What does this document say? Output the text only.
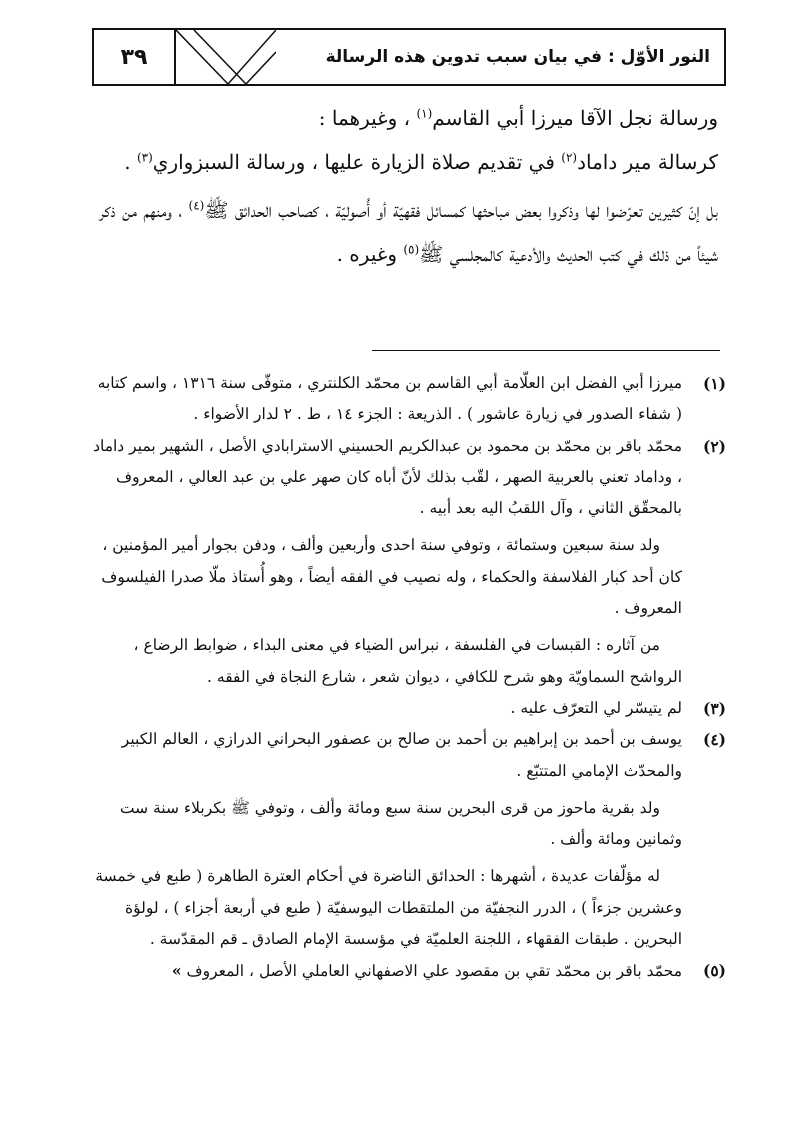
٣٩	النور الأوّل : في بيان سبب تدوين هذه الرسالة

ورسالة نجل الآقا ميرزا أبي القاسم$^{(١)}$ ، وغيرهما :

كرسالة مير داماد$^{(٢)}$ في تقديم صلاة الزيارة عليها ، ورسالة السبزواري$^{(٣)}$ .

بل إنّ كثيرين تعرّضوا لها وذكروا بعض مباحثها كمسائل فقهيّة أو أُصوليّة ، كصاحب الحدائق ﷺ$^{(٤)}$ ، ومنهم من ذكر شيئاً من ذلك في كتب الحديث والأدعية كالمجلسي ﷺ$^{(٥)}$ وغيره .

(١)

ميرزا أبي الفضل ابن العلّامة أبي القاسم بن محمّد الكلنتري ، متوفّى سنة ١٣١٦ ، واسم كتابه ( شفاء الصدور في زيارة عاشور ) . الذريعة : الجزء ١٤ ، ط . ٢ لدار الأضواء .

(٢)

محمّد باقر بن محمّد بن محمود بن عبدالكريم الحسيني الاسترابادي الأصل ، الشهير بمير داماد ، وداماد تعني بالعربية الصهر ، لقّب بذلك لأنّ أباه كان صهر علي بن عبد العالي ، المعروف بالمحقّق الثاني ، وآل اللقبُ اليه بعد أبيه .

ولد سنة سبعين وستمائة ، وتوفي سنة احدى وأربعين وألف ، ودفن بجوار أمير المؤمنين ، كان أحد كبار الفلاسفة والحكماء ، وله نصيب في الفقه أيضاً ، وهو أُستاذ ملّا صدرا الفيلسوف المعروف .

من آثاره : القبسات في الفلسفة ، نبراس الضياء في معنى البداء ، ضوابط الرضاع ، الرواشح السماويّة وهو شرح للكافي ، ديوان شعر ، شارع النجاة في الفقه .

(٣)

لم يتيسّر لي التعرّف عليه .

(٤)

يوسف بن أحمد بن إبراهيم بن أحمد بن صالح بن عصفور البحراني الدرازي ، العالم الكبير والمحدّث الإمامي المتتبّع .

ولد بقرية ماحوز من قرى البحرين سنة سبع ومائة وألف ، وتوفي ﷺ بكربلاء سنة ست وثمانين ومائة وألف .

له مؤلّفات عديدة ، أشهرها : الحدائق الناضرة في أحكام العترة الطاهرة ( طبع في خمسة وعشرين جزءاً ) ، الدرر النجفيّة من الملتقطات اليوسفيّة ( طبع في أربعة أجزاء ) ، لولؤة البحرين . طبقات الفقهاء ، اللجنة العلميّة في مؤسسة الإمام الصادق ـ قم المقدّسة .

(٥)

محمّد باقر بن محمّد تقي بن مقصود علي الاصفهاني العاملي الأصل ، المعروف »
